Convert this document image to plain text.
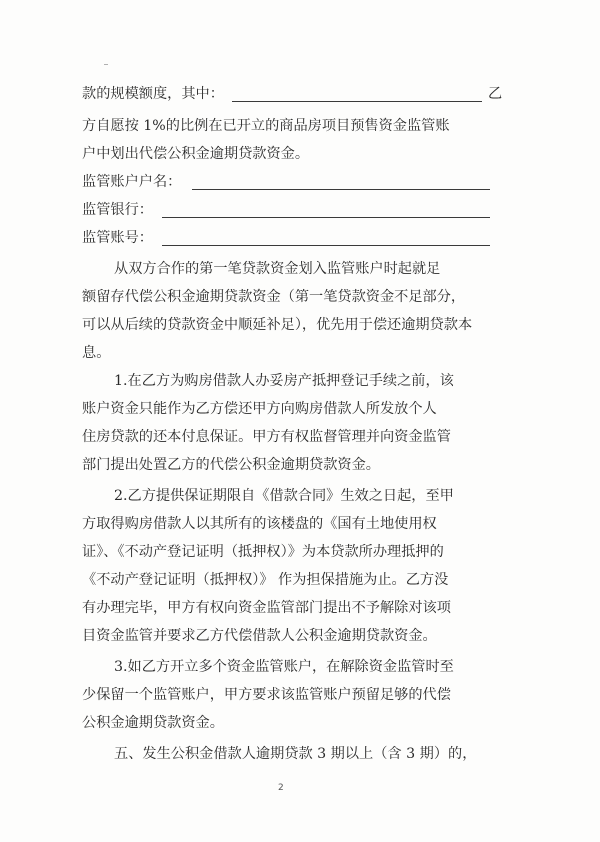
款的规模额度，其中：	乙
方自愿按 1%的比例在已开立的商品房项目预售资金监管账
户中划出代偿公积金逾期贷款资金。
监管账户户名：
监管银行：
监管账号：
从双方合作的第一笔贷款资金划入监管账户时起就足
额留存代偿公积金逾期贷款资金（第一笔贷款资金不足部分，
可以从后续的贷款资金中顺延补足），优先用于偿还逾期贷款本
息。
1.在乙方为购房借款人办妥房产抵押登记手续之前，该
账户资金只能作为乙方偿还甲方向购房借款人所发放个人
住房贷款的还本付息保证。甲方有权监督管理并向资金监管
部门提出处置乙方的代偿公积金逾期贷款资金。
2.乙方提供保证期限自《借款合同》生效之日起，至甲
方取得购房借款人以其所有的该楼盘的《国有土地使用权
证》、《不动产登记证明（抵押权）》为本贷款所办理抵押的
《不动产登记证明（抵押权）》 作为担保措施为止。乙方没
有办理完毕，甲方有权向资金监管部门提出不予解除对该项
目资金监管并要求乙方代偿借款人公积金逾期贷款资金。
3.如乙方开立多个资金监管账户，在解除资金监管时至
少保留一个监管账户，甲方要求该监管账户预留足够的代偿
公积金逾期贷款资金。
五、发生公积金借款人逾期贷款 3 期以上（含 3 期）的，
2
